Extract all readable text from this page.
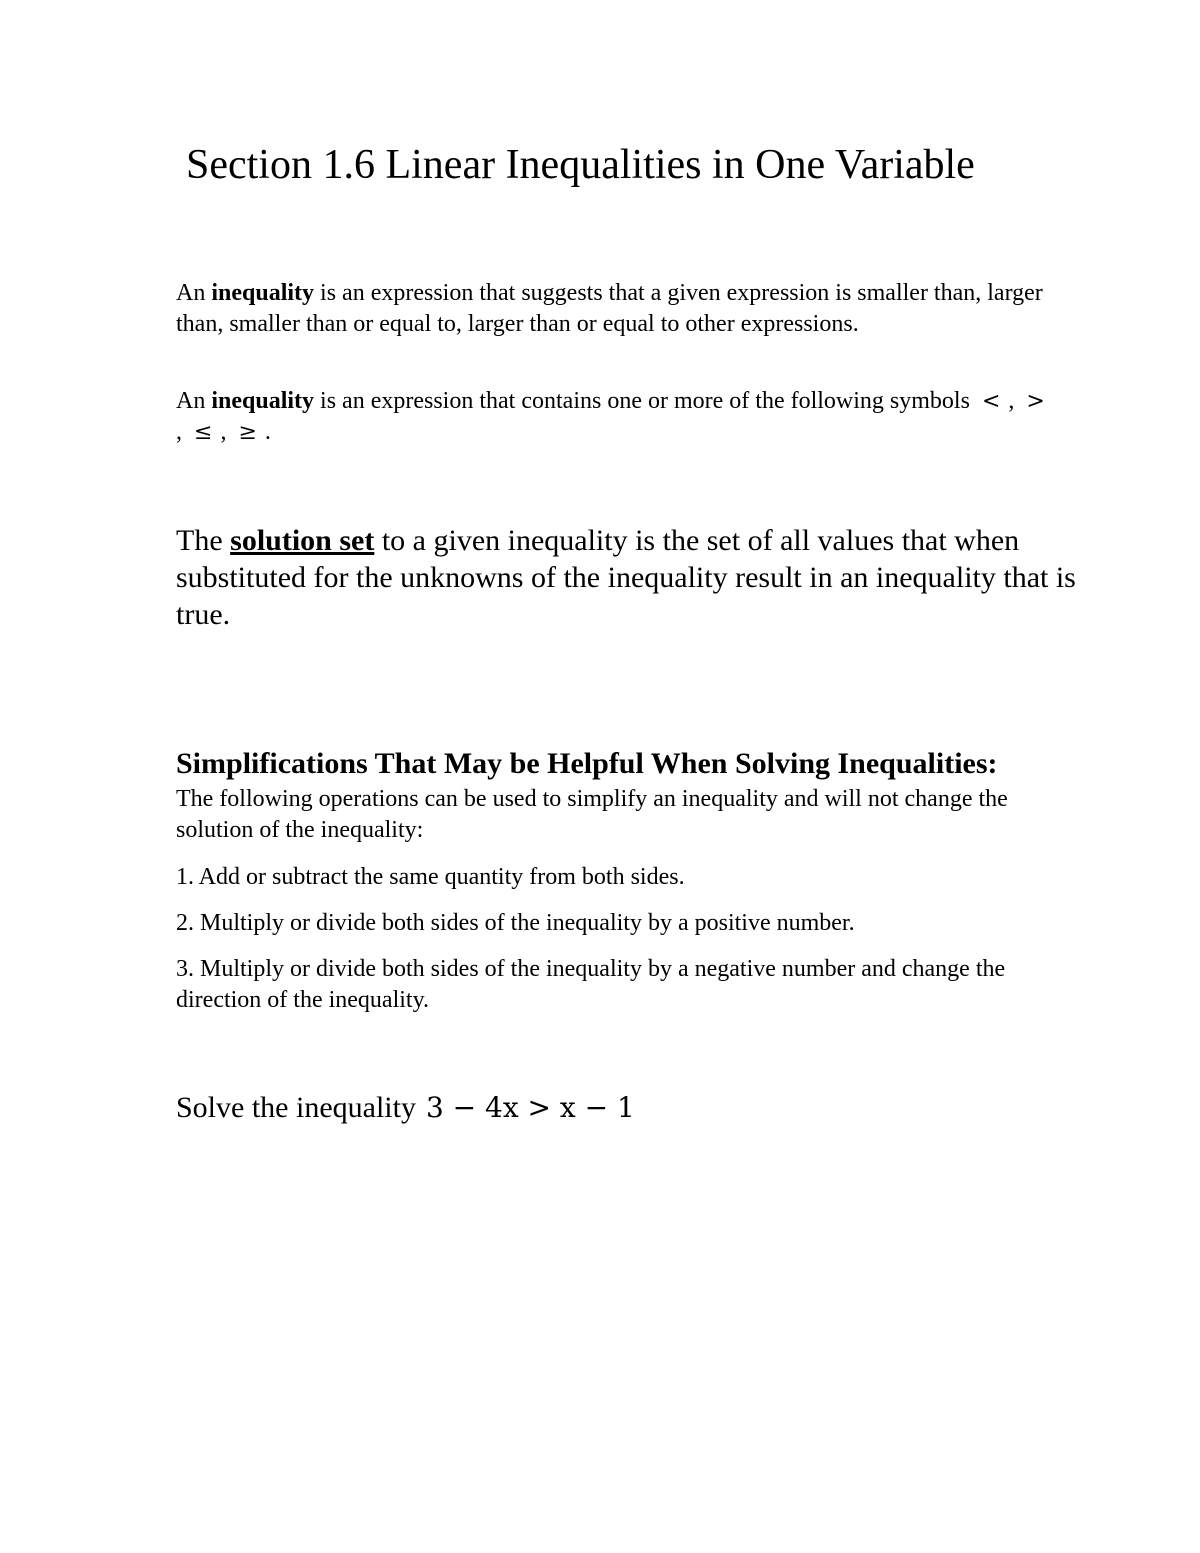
Section 1.6 Linear Inequalities in One Variable

An inequality is an expression that suggests that a given expression is smaller than, larger than, smaller than or equal to, larger than or equal to other expressions.

An inequality is an expression that contains one or more of the following symbols < , >, ≤ , ≥ .

The solution set to a given inequality is the set of all values that when substituted for the unknowns of the inequality result in an inequality that is true.

Simplifications That May be Helpful When Solving Inequalities:

The following operations can be used to simplify an inequality and will not change the solution of the inequality:

1. Add or subtract the same quantity from both sides.

2. Multiply or divide both sides of the inequality by a positive number.

3. Multiply or divide both sides of the inequality by a negative number and change the direction of the inequality.

Solve the inequality 3 − 4x > x − 1
